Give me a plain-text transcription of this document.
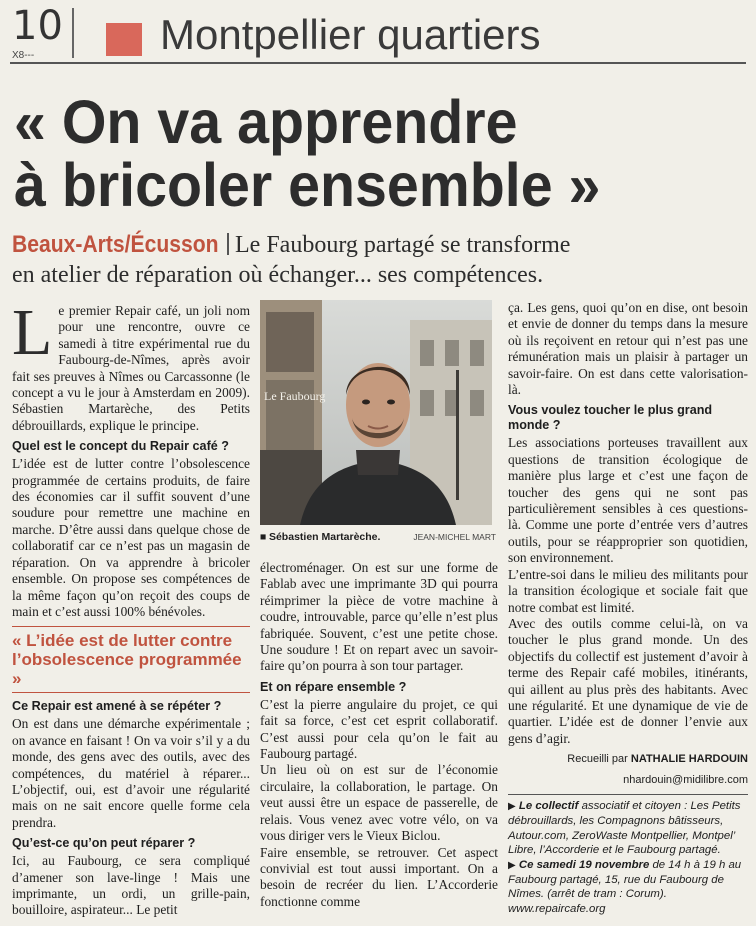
10
X8---	Montpellier quartiers
« On va apprendre
à bricoler ensemble »
Beaux-Arts/Écusson Le Faubourg partagé se transforme
en atelier de réparation où échanger... ses compétences.

Le premier Repair café, un joli nom pour une rencontre, ouvre ce samedi à titre expérimental rue du Faubourg-de-Nîmes, après avoir fait ses preuves à Nîmes ou Carcassonne (le concept a vu le jour à Amsterdam en 2009). Sébastien Martarèche, des Petits débrouillards, explique le principe.

Quel est le concept du Repair café ?

L’idée est de lutter contre l’obsolescence programmée de certains produits, de faire des économies car il suffit souvent d’une soudure pour remettre une machine en marche. D’être aussi dans quelque chose de collaboratif car ce n’est pas un magasin de réparation. On va apprendre à bricoler ensemble. On propose ses compétences de la même façon qu’on reçoit des coups de main et c’est aussi 100% bénévoles.

« L’idée est de lutter contre l’obsolescence programmée »

Ce Repair est amené à se répéter ?

On est dans une démarche expérimentale ; on avance en faisant ! On va voir s’il y a du monde, des gens avec des outils, avec des compétences, du matériel à réparer... L’objectif, oui, est d’avoir une régularité mais on ne sait encore quelle forme cela prendra.

Qu’est-ce qu’on peut réparer ?

Ici, au Faubourg, ce sera compliqué d’amener son lave-linge ! Mais une imprimante, un ordi, un grille-pain, bouilloire, aspirateur... Le petit

Le Faubourg
■ Sébastien Martarèche.	JEAN-MICHEL MART

électroménager. On est sur une forme de Fablab avec une imprimante 3D qui pourra réimprimer la pièce de votre machine à coudre, introuvable, parce qu’elle n’est plus fabriquée. Souvent, c’est une petite chose. Une soudure ! Et on repart avec un savoir-faire qu’on pourra à son tour partager.

Et on répare ensemble ?

C’est la pierre angulaire du projet, ce qui fait sa force, c’est cet esprit collaboratif. C’est aussi pour cela qu’on le fait au Faubourg partagé.

Un lieu où on est sur de l’économie circulaire, la collaboration, le partage. On veut aussi être un espace de passerelle, de relais. Vous venez avec votre vélo, on va vous diriger vers le Vieux Biclou.

Faire ensemble, se retrouver. Cet aspect convivial est tout aussi important. On a besoin de recréer du lien. L’Accorderie fonctionne comme

ça. Les gens, quoi qu’on en dise, ont besoin et envie de donner du temps dans la mesure où ils reçoivent en retour qui n’est pas une rémunération mais un plaisir à partager un savoir-faire. On est dans cette valorisation-là.

Vous voulez toucher le plus grand monde ?

Les associations porteuses travaillent aux questions de transition écologique de manière plus large et c’est une façon de toucher des gens qui ne sont pas particulièrement sensibles à ces questions-là. Comme une porte d’entrée vers d’autres outils, pour se réapproprier son quotidien, son environnement.

L’entre-soi dans le milieu des militants pour la transition écologique et sociale fait que notre combat est limité.

Avec des outils comme celui-là, on va toucher le plus grand monde. Un des objectifs du collectif est justement d’avoir à terme des Repair café mobiles, itinérants, qui aillent au plus près des habitants. Avec une régularité. Et une dynamique de vie de quartier. L’idée est de donner l’envie aux gens d’agir.

Recueilli par NATHALIE HARDOUIN
nhardouin@midilibre.com
▶ Le collectif associatif et citoyen : Les Petits débrouillards, les Compagnons bâtisseurs, Autour.com, ZeroWaste Montpellier, Montpel’ Libre, l’Accorderie et le Faubourg partagé.
▶ Ce samedi 19 novembre de 14 h à 19 h au Faubourg partagé, 15, rue du Faubourg de Nîmes. (arrêt de tram : Corum).
www.repaircafe.org
